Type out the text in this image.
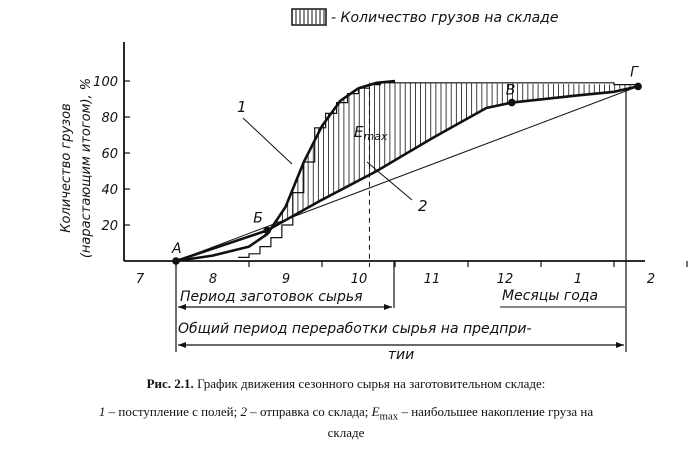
- Количество грузов на складе
Количество грузов (нарастающим итогом), % 20
40
60
80
100
7	8	9	10	11	12	1	2
А
Б
В
Г
1
2
$E_{max}$
Период заготовок сырья	Месяцы года
Общий период переработки сырья на предпри-
тии
Рис. 2.1. График движения сезонного сырья на заготовительном складе:
1 – поступление с полей; 2 – отправка со склада; $E_{max}$ – наибольшее накопление груза на
складе
